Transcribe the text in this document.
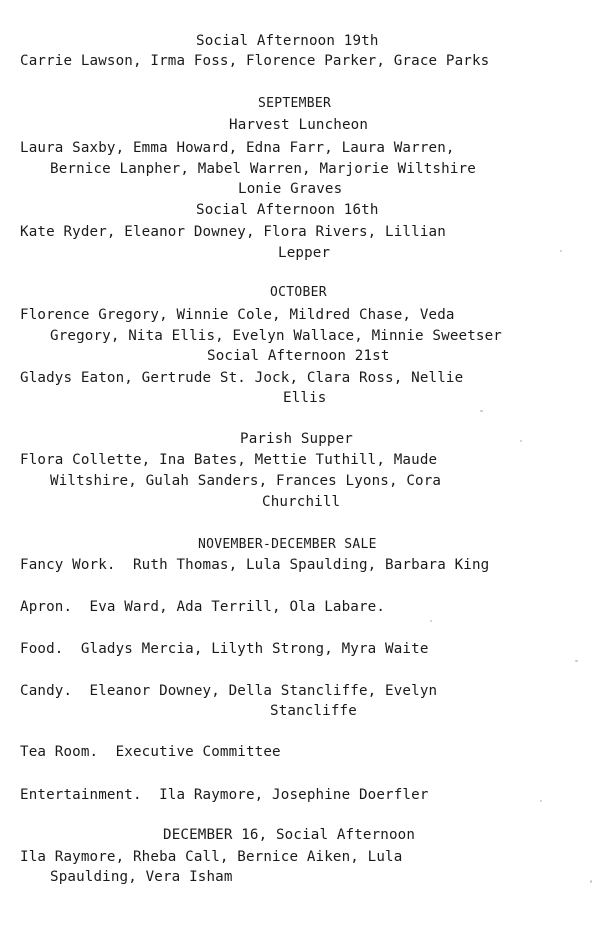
Social Afternoon 19th
Carrie Lawson, Irma Foss, Florence Parker, Grace Parks
SEPTEMBER
Harvest Luncheon
Laura Saxby, Emma Howard, Edna Farr, Laura Warren,
Bernice Lanpher, Mabel Warren, Marjorie Wiltshire
Lonie Graves
Social Afternoon 16th
Kate Ryder, Eleanor Downey, Flora Rivers, Lillian
Lepper
OCTOBER
Florence Gregory, Winnie Cole, Mildred Chase, Veda
Gregory, Nita Ellis, Evelyn Wallace, Minnie Sweetser
Social Afternoon 21st
Gladys Eaton, Gertrude St. Jock, Clara Ross, Nellie
Ellis
Parish Supper
Flora Collette, Ina Bates, Mettie Tuthill, Maude
Wiltshire, Gulah Sanders, Frances Lyons, Cora
Churchill
NOVEMBER-DECEMBER SALE
Fancy Work.  Ruth Thomas, Lula Spaulding, Barbara King
Apron.  Eva Ward, Ada Terrill, Ola Labare.
Food.  Gladys Mercia, Lilyth Strong, Myra Waite
Candy.  Eleanor Downey, Della Stancliffe, Evelyn
Stancliffe
Tea Room.  Executive Committee
Entertainment.  Ila Raymore, Josephine Doerfler
DECEMBER 16, Social Afternoon
Ila Raymore, Rheba Call, Bernice Aiken, Lula
Spaulding, Vera Isham
